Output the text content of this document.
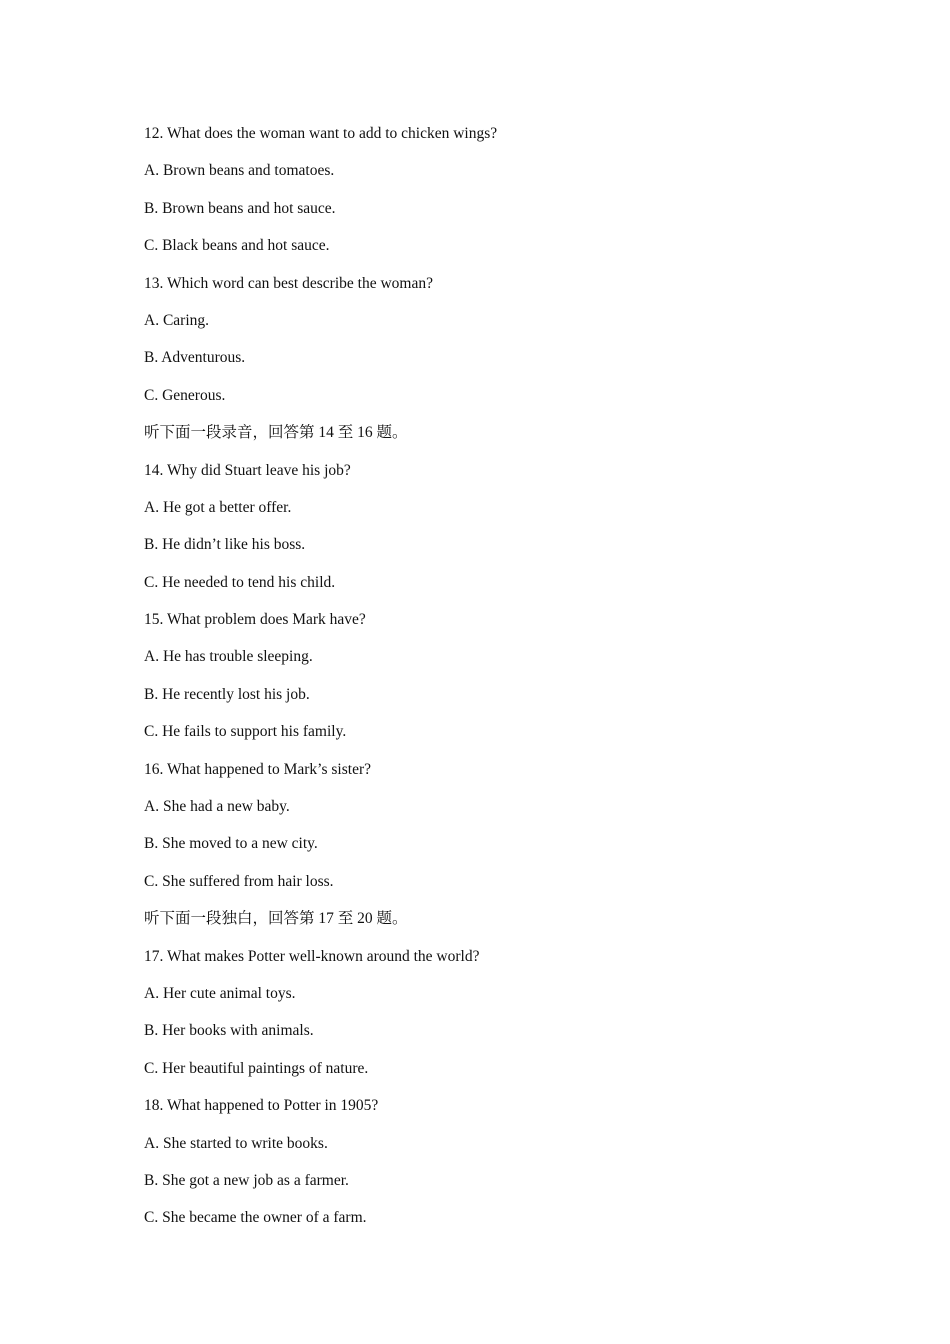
12. What does the woman want to add to chicken wings?
A. Brown beans and tomatoes.
B. Brown beans and hot sauce.
C. Black beans and hot sauce.
13. Which word can best describe the woman?
A. Caring.
B. Adventurous.
C. Generous.
听下面一段录音，回答第 14 至 16 题。
14. Why did Stuart leave his job?
A. He got a better offer.
B. He didn’t like his boss.
C. He needed to tend his child.
15. What problem does Mark have?
A. He has trouble sleeping.
B. He recently lost his job.
C. He fails to support his family.
16. What happened to Mark’s sister?
A. She had a new baby.
B. She moved to a new city.
C. She suffered from hair loss.
听下面一段独白，回答第 17 至 20 题。
17. What makes Potter well-known around the world?
A. Her cute animal toys.
B. Her books with animals.
C. Her beautiful paintings of nature.
18. What happened to Potter in 1905?
A. She started to write books.
B. She got a new job as a farmer.
C. She became the owner of a farm.
